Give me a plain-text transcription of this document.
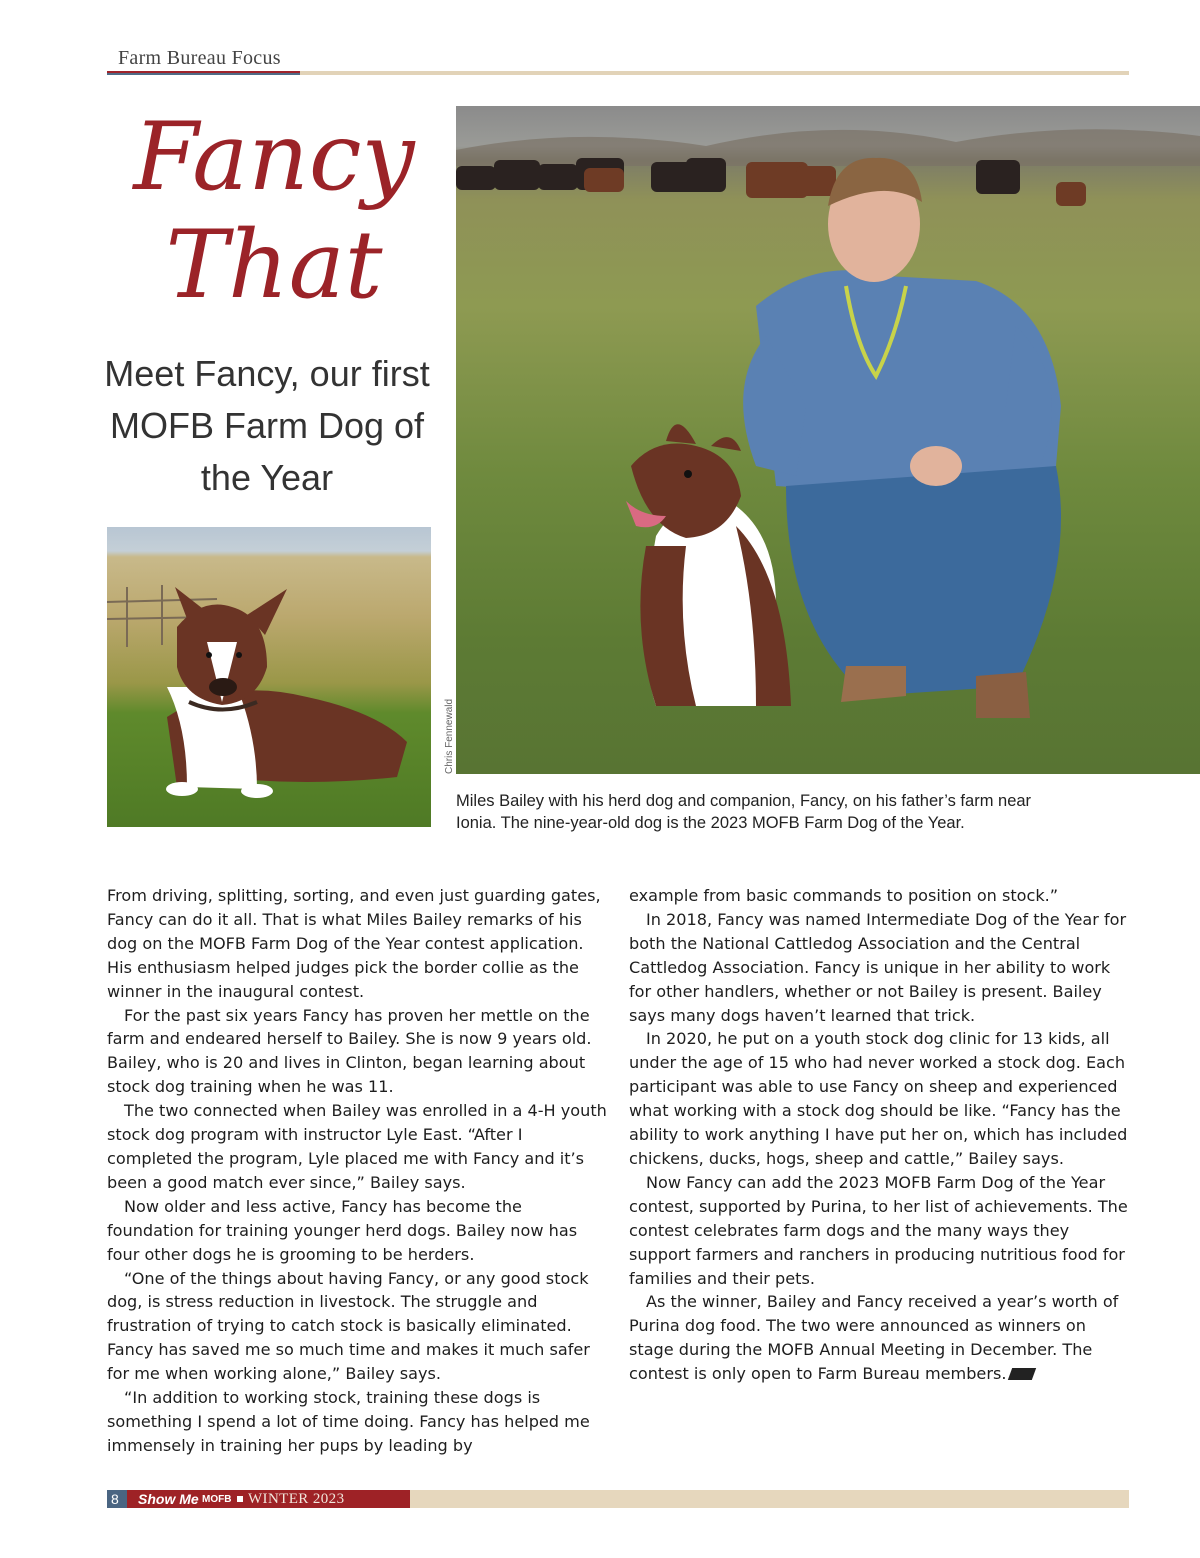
Farm Bureau Focus
Fancy
That
Meet Fancy, our first MOFB Farm Dog of the Year
Chris Fennewald
Miles Bailey with his herd dog and companion, Fancy, on his father’s farm near Ionia. The nine-year-old dog is the 2023 MOFB Farm Dog of the Year.

From driving, splitting, sorting, and even just guarding gates, Fancy can do it all. That is what Miles Bailey remarks of his dog on the MOFB Farm Dog of the Year contest application. His enthusiasm helped judges pick the border collie as the winner in the inaugural contest.

For the past six years Fancy has proven her mettle on the farm and endeared herself to Bailey. She is now 9 years old. Bailey, who is 20 and lives in Clinton, began learning about stock dog training when he was 11.

The two connected when Bailey was enrolled in a 4-H youth stock dog program with instructor Lyle East. “After I completed the program, Lyle placed me with Fancy and it’s been a good match ever since,” Bailey says.

Now older and less active, Fancy has become the foundation for training younger herd dogs. Bailey now has four other dogs he is grooming to be herders.

“One of the things about having Fancy, or any good stock dog, is stress reduction in livestock. The struggle and frustration of trying to catch stock is basically eliminated. Fancy has saved me so much time and makes it much safer for me when working alone,” Bailey says.

“In addition to working stock, training these dogs is something I spend a lot of time doing. Fancy has helped me immensely in training her pups by leading by

example from basic commands to position on stock.”

In 2018, Fancy was named Intermediate Dog of the Year for both the National Cattledog Association and the Central Cattledog Association. Fancy is unique in her ability to work for other handlers, whether or not Bailey is present. Bailey says many dogs haven’t learned that trick.

In 2020, he put on a youth stock dog clinic for 13 kids, all under the age of 15 who had never worked a stock dog. Each participant was able to use Fancy on sheep and experienced what working with a stock dog should be like. “Fancy has the ability to work anything I have put her on, which has included chickens, ducks, hogs, sheep and cattle,” Bailey says.

Now Fancy can add the 2023 MOFB Farm Dog of the Year contest, supported by Purina, to her list of achievements. The contest celebrates farm dogs and the many ways they support farmers and ranchers in producing nutritious food for families and their pets.

As the winner, Bailey and Fancy received a year’s worth of Purina dog food. The two were announced as winners on stage during the MOFB Annual Meeting in December. The contest is only open to Farm Bureau members.

8 Show Me MOFB WINTER 2023
